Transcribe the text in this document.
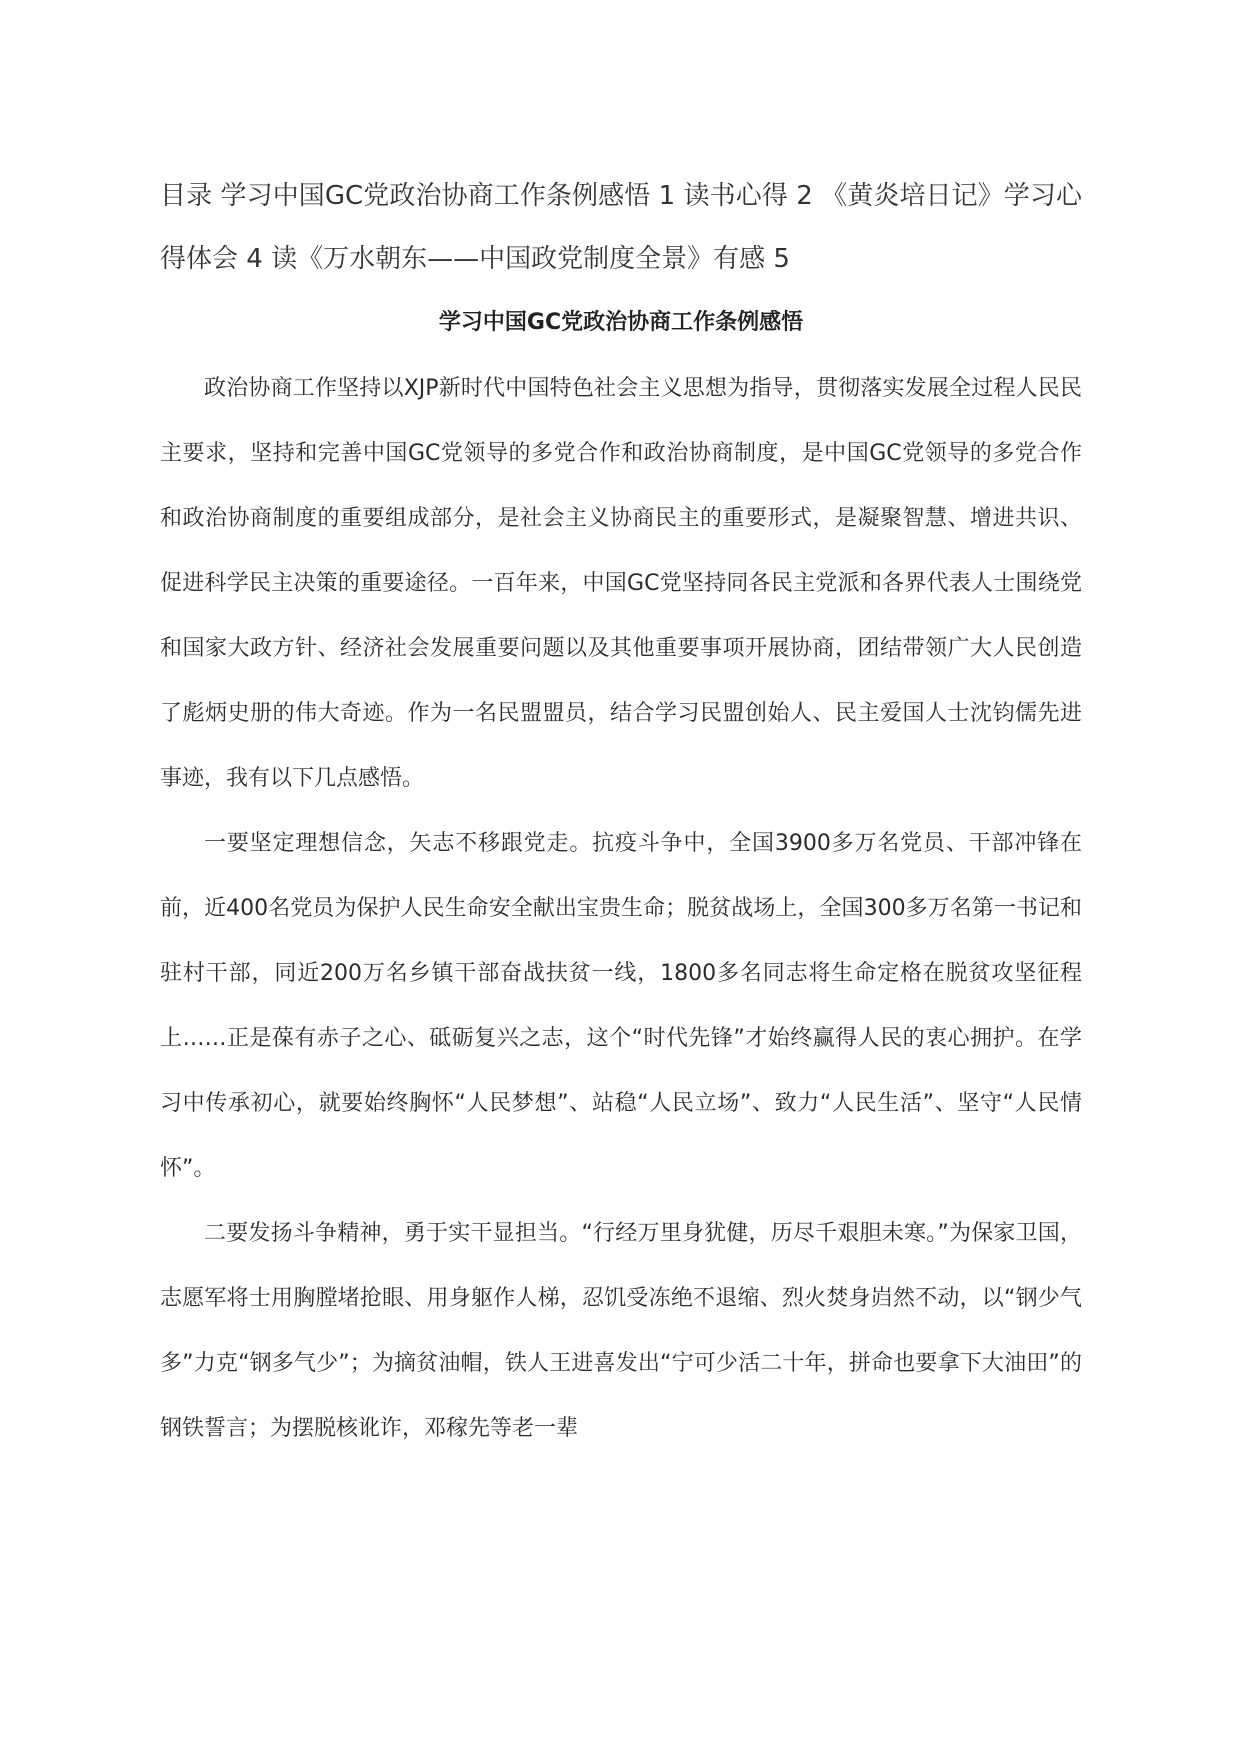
目录 学习中国GC党政治协商工作条例感悟 1 读书心得 2 《黄炎培日记》学习心得体会 4 读《万水朝东——中国政党制度全景》有感 5

学习中国GC党政治协商工作条例感悟

政治协商工作坚持以XJP新时代中国特色社会主义思想为指导，贯彻落实发展全过程人民民主要求，坚持和完善中国GC党领导的多党合作和政治协商制度，是中国GC党领导的多党合作和政治协商制度的重要组成部分，是社会主义协商民主的重要形式，是凝聚智慧、增进共识、促进科学民主决策的重要途径。一百年来，中国GC党坚持同各民主党派和各界代表人士围绕党和国家大政方针、经济社会发展重要问题以及其他重要事项开展协商，团结带领广大人民创造了彪炳史册的伟大奇迹。作为一名民盟盟员，结合学习民盟创始人、民主爱国人士沈钧儒先进事迹，我有以下几点感悟。

一要坚定理想信念，矢志不移跟党走。抗疫斗争中，全国3900多万名党员、干部冲锋在前，近400名党员为保护人民生命安全献出宝贵生命；脱贫战场上，全国300多万名第一书记和驻村干部，同近200万名乡镇干部奋战扶贫一线，1800多名同志将生命定格在脱贫攻坚征程上……正是葆有赤子之心、砥砺复兴之志，这个“时代先锋”才始终赢得人民的衷心拥护。在学习中传承初心，就要始终胸怀“人民梦想”、站稳“人民立场”、致力“人民生活”、坚守“人民情怀”。

二要发扬斗争精神，勇于实干显担当。“行经万里身犹健，历尽千艰胆未寒。”为保家卫国，志愿军将士用胸膛堵抢眼、用身躯作人梯，忍饥受冻绝不退缩、烈火焚身岿然不动，以“钢少气多”力克“钢多气少”；为摘贫油帽，铁人王进喜发出“宁可少活二十年，拼命也要拿下大油田”的钢铁誓言；为摆脱核讹诈，邓稼先等老一辈
